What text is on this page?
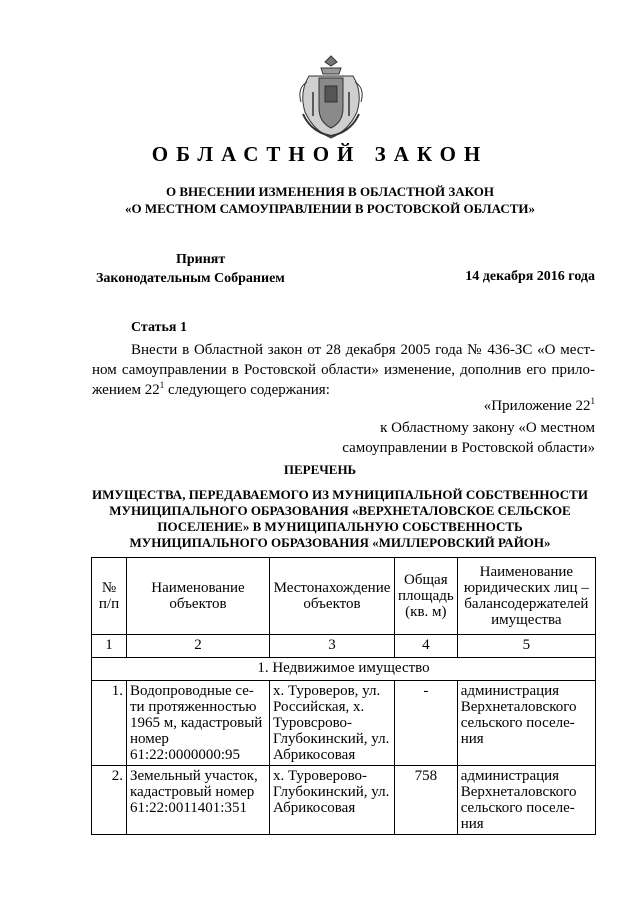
ОБЛАСТНОЙ ЗАКОН
О ВНЕСЕНИИ ИЗМЕНЕНИЯ В ОБЛАСТНОЙ ЗАКОН
«О МЕСТНОМ САМОУПРАВЛЕНИИ В РОСТОВСКОЙ ОБЛАСТИ»
Принят
Законодательным Собранием	14 декабря 2016 года
Статья 1
Внести в Областной закон от 28 декабря 2005 года № 436-ЗС «О мест-ном самоуправлении в Ростовской области» изменение, дополнив его прило-жением $22^1$ следующего содержания:
«Приложение $22^1$
к Областному закону «О местном
самоуправлении в Ростовской области»
ПЕРЕЧЕНЬ
ИМУЩЕСТВА, ПЕРЕДАВАЕМОГО ИЗ МУНИЦИПАЛЬНОЙ СОБСТВЕННОСТИ
МУНИЦИПАЛЬНОГО ОБРАЗОВАНИЯ «ВЕРХНЕТАЛОВСКОЕ СЕЛЬСКОЕ
ПОСЕЛЕНИЕ» В МУНИЦИПАЛЬНУЮ СОБСТВЕННОСТЬ
МУНИЦИПАЛЬНОГО ОБРАЗОВАНИЯ «МИЛЛЕРОВСКИЙ РАЙОН»
№ п/п	Наименование объектов	Местонахождение объектов	Общая площадь (кв. м)	Наименование юридических лиц – балансодержателей имущества
1	2	3	4	5
1. Недвижимое имущество				
1.	Водопроводные се-ти протяженностью 1965 м, кадастровый номер 61:22:0000000:95	х. Туроверов, ул. Российская, х. Туровсрово-Глубокинский, ул. Абрикосовая	-	администрация Верхнеталовского сельского поселе-ния
2.	Земельный участок, кадастровый номер 61:22:0011401:351	х. Туроверово-Глубокинский, ул. Абрикосовая	758	администрация Верхнеталовского сельского поселе-ния
